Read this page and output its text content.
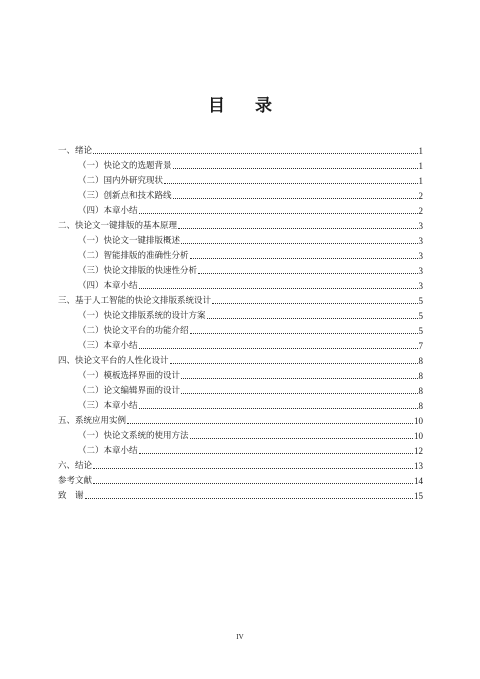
目 录
一、绪论	1
（一）快论文的选题背景	1
（二）国内外研究现状	1
（三）创新点和技术路线	2
（四）本章小结	2
二、快论文一键排版的基本原理	3
（一）快论文一键排版概述	3
（二）智能排版的准确性分析	3
（三）快论文排版的快速性分析	3
（四）本章小结	3
三、基于人工智能的快论文排版系统设计	5
（一）快论文排版系统的设计方案	5
（二）快论文平台的功能介绍	5
（三）本章小结	7
四、快论文平台的人性化设计	8
（一）模板选择界面的设计	8
（二）论文编辑界面的设计	8
（三）本章小结	8
五、系统应用实例	10
（一）快论文系统的使用方法	10
（二）本章小结	12
六、结论	13
参考文献	14
致　谢	15
IV
